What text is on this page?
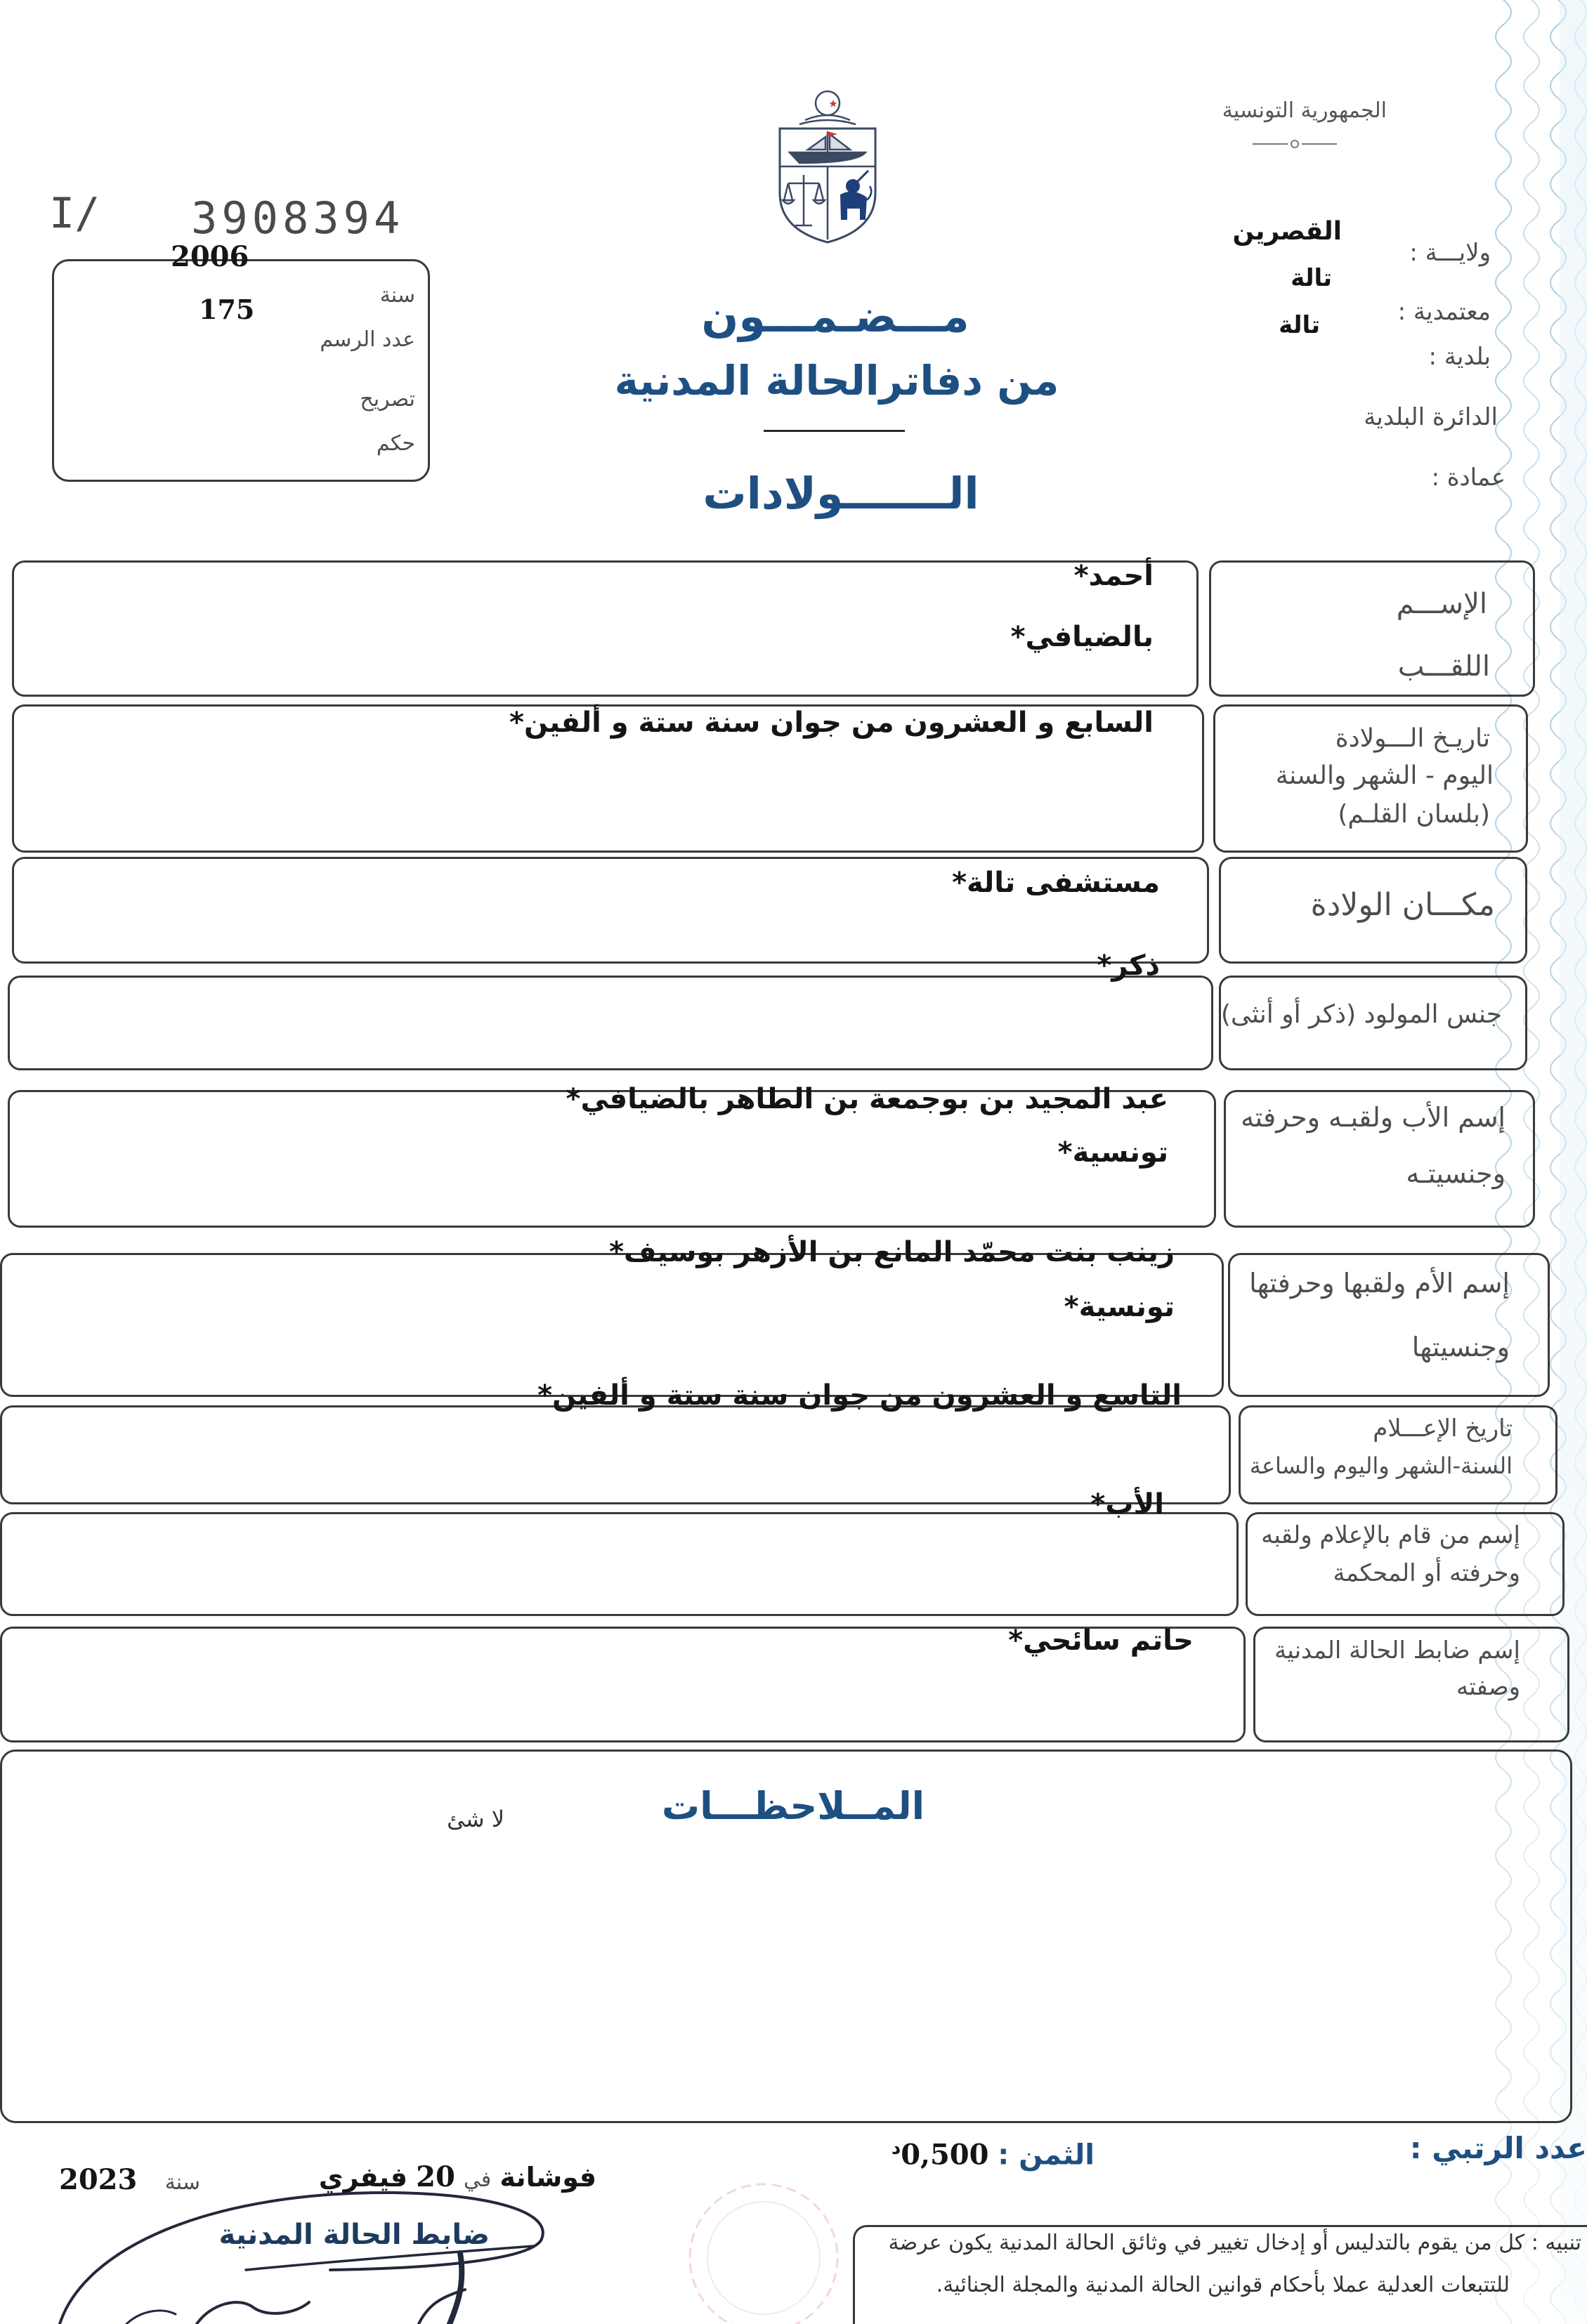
الجمهورية التونسية
I/ 3908394
2006
سنة
175
عدد الرسم
تصريح
حكم
القصرين
ولايـــة :
تالة
معتمدية :
تالة
بلدية :
الدائرة البلدية
عمادة :
مـــضـمـــون
من دفاترالحالة المدنية
الـــــــولادات
الإســـم
اللقـــب
أحمد*
بالضيافي*
تاريـخ الـــولادة
اليوم - الشهر والسنة
(بلسان القلـم)
السابع و العشرون من جوان سنة ستة و ألفين*
مكـــان الولادة
مستشفى تالة*
جنس المولود (ذكر أو أنثى)
ذكر*
إسم الأب ولقبـه وحرفته
وجنسيتـه
عبد المجيد بن بوجمعة بن الطاهر بالضيافي*
تونسية*
إسم الأم ولقبها وحرفتها
وجنسيتها
زينب بنت محمّد المانع بن الأزهر بوسيف*
تونسية*
تاريخ الإعـــلام
السنة-الشهر واليوم والساعة
التاسع و العشرون من جوان سنة ستة و ألفين*
إسم من قام بالإعلام ولقبه
وحرفته أو المحكمة
الأب*
إسم ضابط الحالة المدنية
وصفته
حاتم سائحي*
المــلاحظـــات
لا شئ
عدد الرتبي :
الثمن : $0,500^د$
فوشانة في 20 فيفري
سنة
2023
ضابط الحالة المدنية	تنبيه : كل من يقوم بالتدليس أو إدخال تغيير في وثائق الحالة المدنية يكون عرضة
للتتبعات العدلية عملا بأحكام قوانين الحالة المدنية والمجلة الجنائية.
